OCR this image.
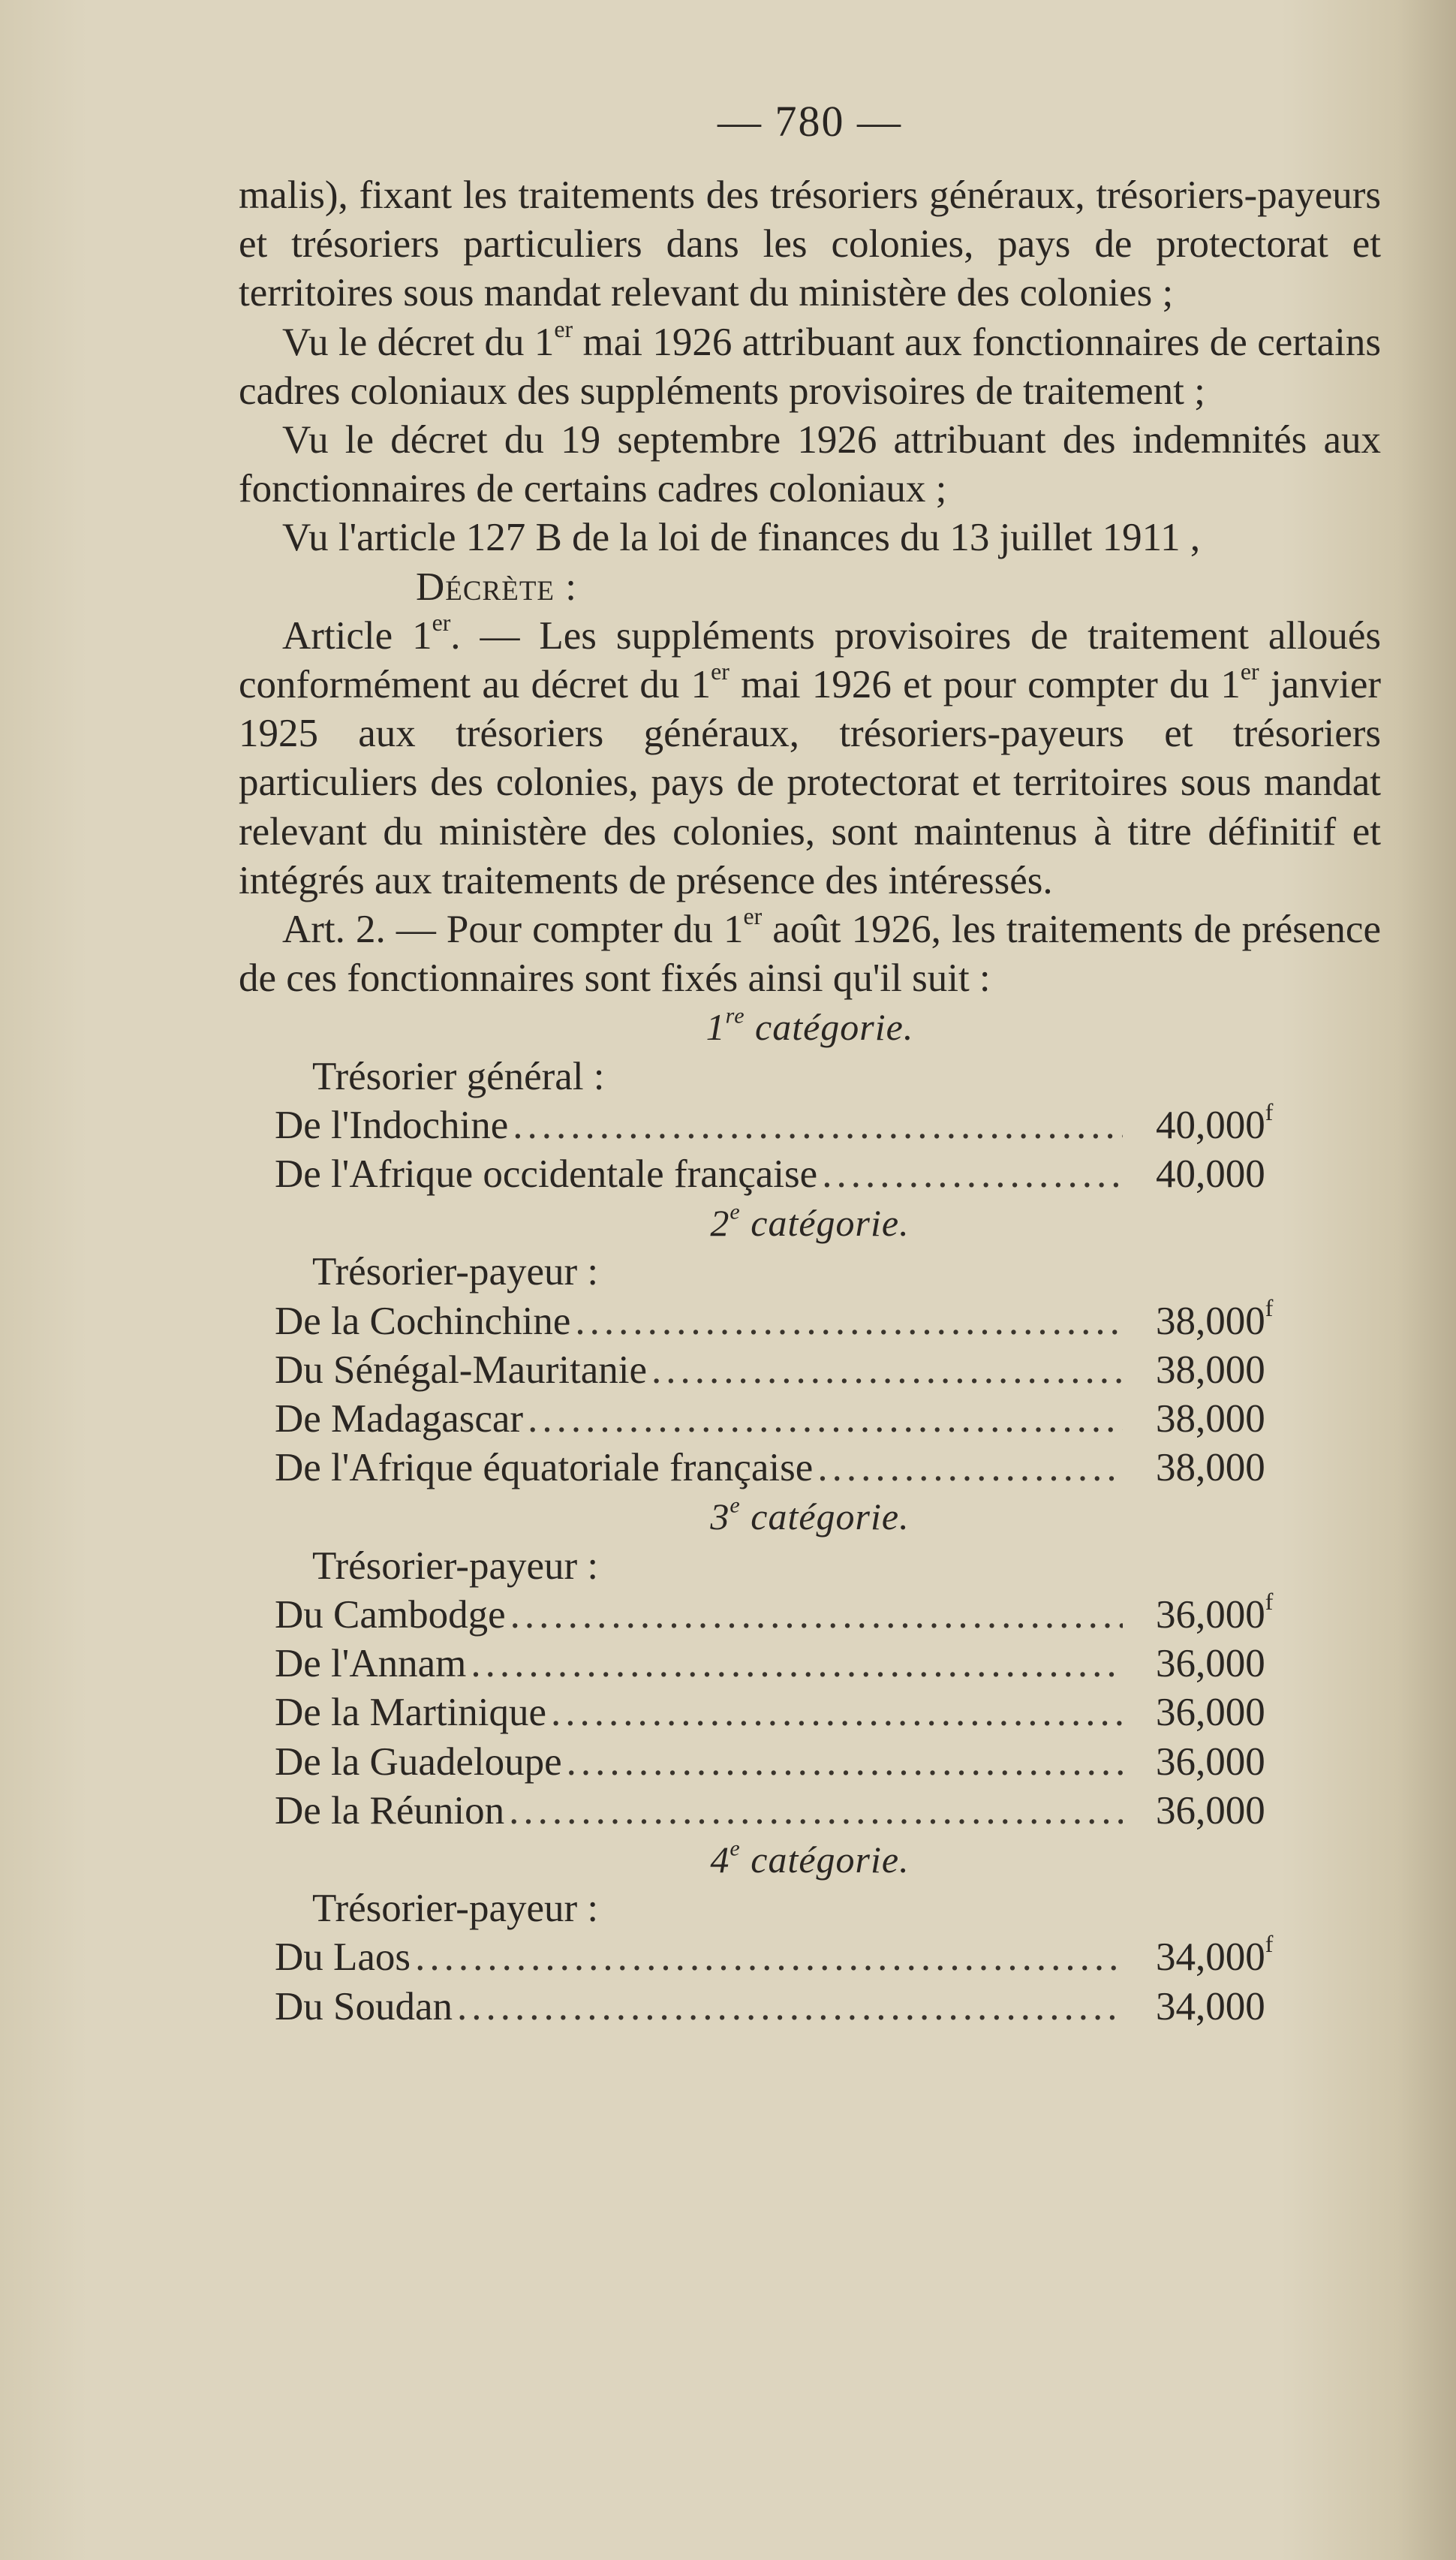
— 780 —

malis), fixant les traitements des trésoriers généraux, trésoriers-payeurs et trésoriers particuliers dans les colonies, pays de protectorat et territoires sous mandat relevant du ministère des colonies ;

Vu le décret du 1er mai 1926 attribuant aux fonctionnaires de certains cadres coloniaux des suppléments provisoires de traitement ;

Vu le décret du 19 septembre 1926 attribuant des indemnités aux fonctionnaires de certains cadres coloniaux ;

Vu l'article 127 B de la loi de finances du 13 juillet 1911 ,

Décrète :

Article 1er. — Les suppléments provisoires de traitement alloués conformément au décret du 1er mai 1926 et pour compter du 1er janvier 1925 aux trésoriers généraux, trésoriers-payeurs et trésoriers particuliers des colonies, pays de protectorat et territoires sous mandat relevant du ministère des colonies, sont maintenus à titre définitif et intégrés aux traitements de présence des intéressés.

Art. 2. — Pour compter du 1er août 1926, les traitements de présence de ces fonctionnaires sont fixés ainsi qu'il suit :

1re catégorie.

Trésorier général :

De l'Indochine .....	40,000$^f$
De l'Afrique occidentale française .....	40,000

2e catégorie.

Trésorier-payeur :

De la Cochinchine .....	38,000$^f$
Du Sénégal-Mauritanie .....	38,000
De Madagascar .....	38,000
De l'Afrique équatoriale française .....	38,000

3e catégorie.

Trésorier-payeur :

Du Cambodge .....	36,000$^f$
De l'Annam .....	36,000
De la Martinique .....	36,000
De la Guadeloupe .....	36,000
De la Réunion .....	36,000

4e catégorie.

Trésorier-payeur :

Du Laos .....	34,000$^f$
Du Soudan .....	34,000
